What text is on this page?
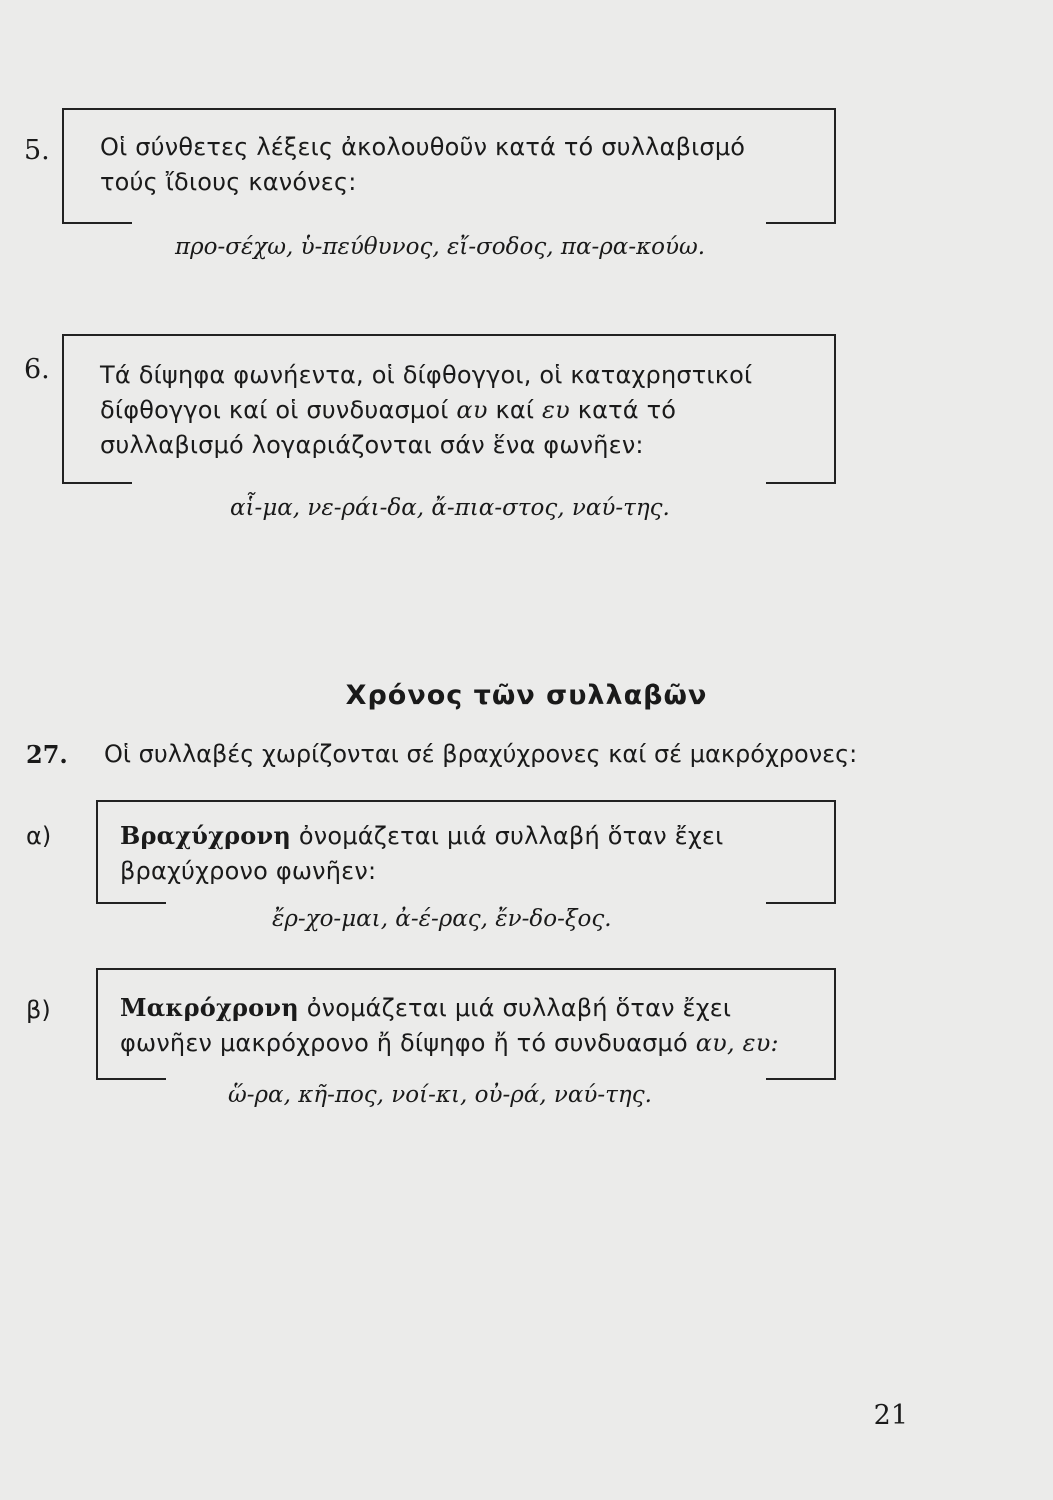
5. Οἱ σύνθετες λέξεις ἀκολουθοῦν κατά τό συλλαβισμό τούς ἴδιους κανόνες:
προ-σέχω, ὑ-πεύθυνος, εἴ-σοδος, πα-ρα-κούω.
6. Τά δίψηφα φωνήεντα, οἱ δίφθογγοι, οἱ καταχρηστικοί δίφθογγοι καί οἱ συνδυασμοί αυ καί ευ κατά τό συλλαβισμό λογαριάζονται σάν ἕνα φωνῆεν:
αἷ-μα, νε-ράι-δα, ἄ-πια-στος, ναύ-της.
Χρόνος τῶν συλλαβῶν
27. Οἱ συλλαβές χωρίζονται σέ βραχύχρονες καί σέ μακρόχρονες:
α)	Βραχύχρονη ὀνομάζεται μιά συλλαβή ὅταν ἔχει βραχύχρονο φωνῆεν:
ἔρ-χο-μαι, ἀ-έ-ρας, ἔν-δο-ξος.
β)	Μακρόχρονη ὀνομάζεται μιά συλλαβή ὅταν ἔχει φωνῆεν μακρόχρονο ἤ δίψηφο ἤ τό συνδυασμό αυ, ευ:
ὥ-ρα, κῆ-πος, νοί-κι, οὐ-ρά, ναύ-της.
21
